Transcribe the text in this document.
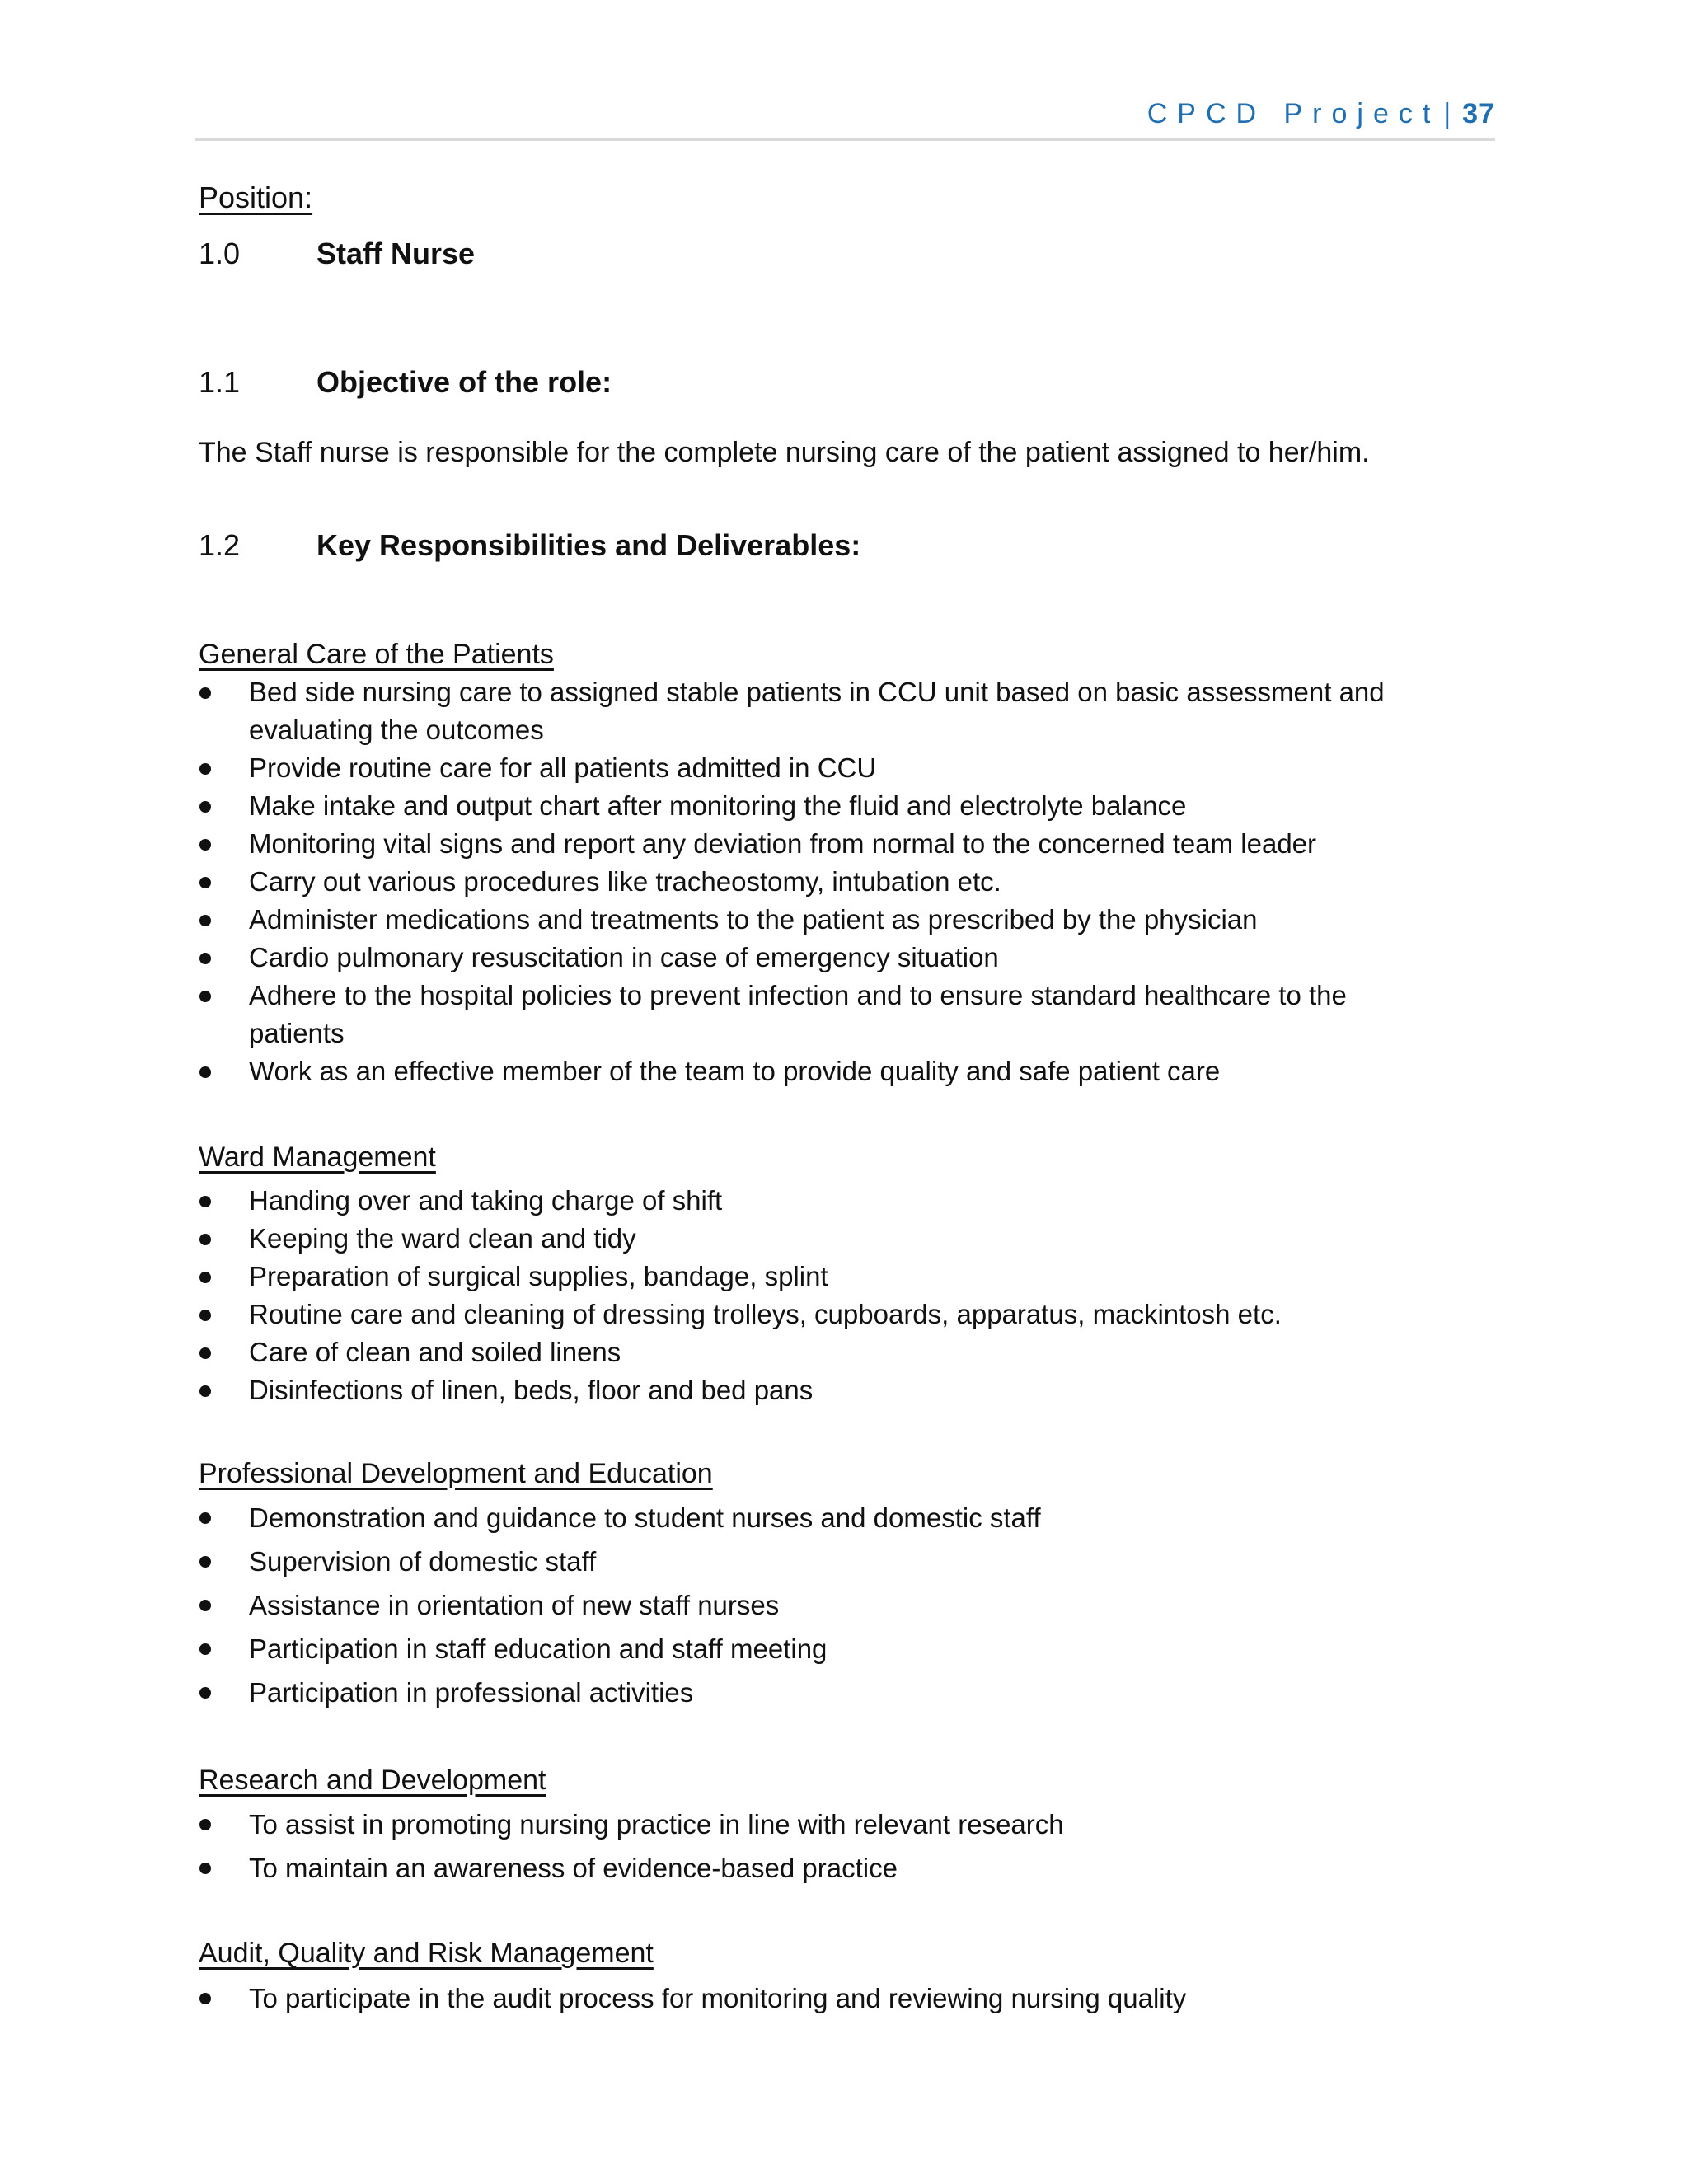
CPCD Project | 37
Position:
1.0	Staff Nurse
1.1	Objective of the role:
The Staff nurse is responsible for the complete nursing care of the patient assigned to her/him.
1.2	Key Responsibilities and Deliverables:
General Care of the Patients
Bed side nursing care to assigned stable patients in CCU unit based on basic assessment and
evaluating the outcomes
Provide routine care for all patients admitted in CCU
Make intake and output chart after monitoring the fluid and electrolyte balance
Monitoring vital signs and report any deviation from normal to the concerned team leader
Carry out various procedures like tracheostomy, intubation etc.
Administer medications and treatments to the patient as prescribed by the physician
Cardio pulmonary resuscitation in case of emergency situation
Adhere to the hospital policies to prevent infection and to ensure standard healthcare to the
patients
Work as an effective member of the team to provide quality and safe patient care
Ward Management
Handing over and taking charge of shift
Keeping the ward clean and tidy
Preparation of surgical supplies, bandage, splint
Routine care and cleaning of dressing trolleys, cupboards, apparatus, mackintosh etc.
Care of clean and soiled linens
Disinfections of linen, beds, floor and bed pans
Professional Development and Education
Demonstration and guidance to student nurses and domestic staff
Supervision of domestic staff
Assistance in orientation of new staff nurses
Participation in staff education and staff meeting
Participation in professional activities
Research and Development
To assist in promoting nursing practice in line with relevant research
To maintain an awareness of evidence-based practice
Audit, Quality and Risk Management
To participate in the audit process for monitoring and reviewing nursing quality
